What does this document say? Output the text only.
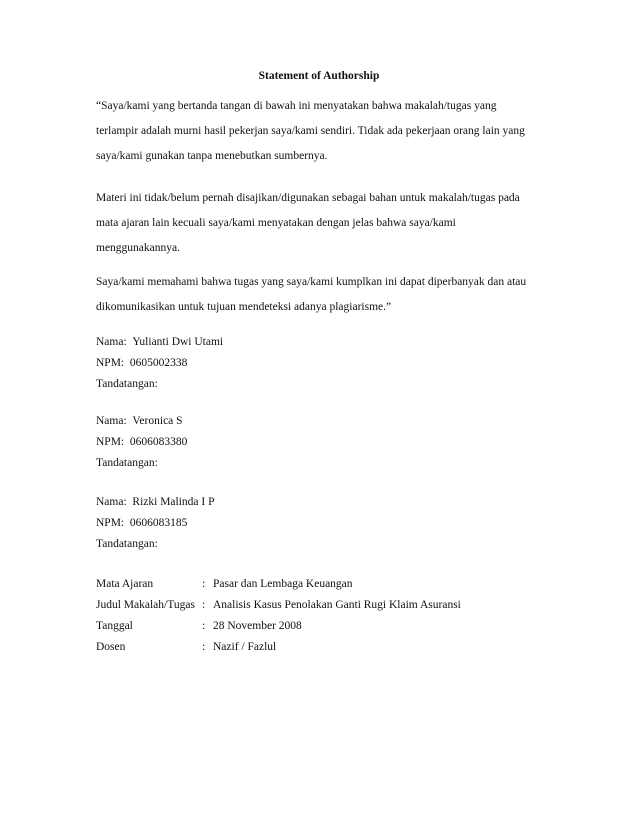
Statement of Authorship
“Saya/kami yang bertanda tangan di bawah ini menyatakan bahwa makalah/tugas yang
terlampir adalah murni hasil pekerjan saya/kami sendiri. Tidak ada pekerjaan orang lain yang
saya/kami gunakan tanpa menebutkan sumbernya.
Materi ini tidak/belum pernah disajikan/digunakan sebagai bahan untuk makalah/tugas pada
mata ajaran lain kecuali saya/kami menyatakan dengan jelas bahwa saya/kami
menggunakannya.
Saya/kami memahami bahwa tugas yang saya/kami kumplkan ini dapat diperbanyak dan atau
dikomunikasikan untuk tujuan mendeteksi adanya plagiarisme.”
Nama: Yulianti Dwi Utami
NPM: 0605002338
Tandatangan:
Nama: Veronica S
NPM: 0606083380
Tandatangan:
Nama: Rizki Malinda I P
NPM: 0606083185
Tandatangan:
Mata Ajaran	: Pasar dan Lembaga Keuangan
Judul Makalah/Tugas : Analisis Kasus Penolakan Ganti Rugi Klaim Asuransi
Tanggal	: 28 November 2008
Dosen	: Nazif / Fazlul
